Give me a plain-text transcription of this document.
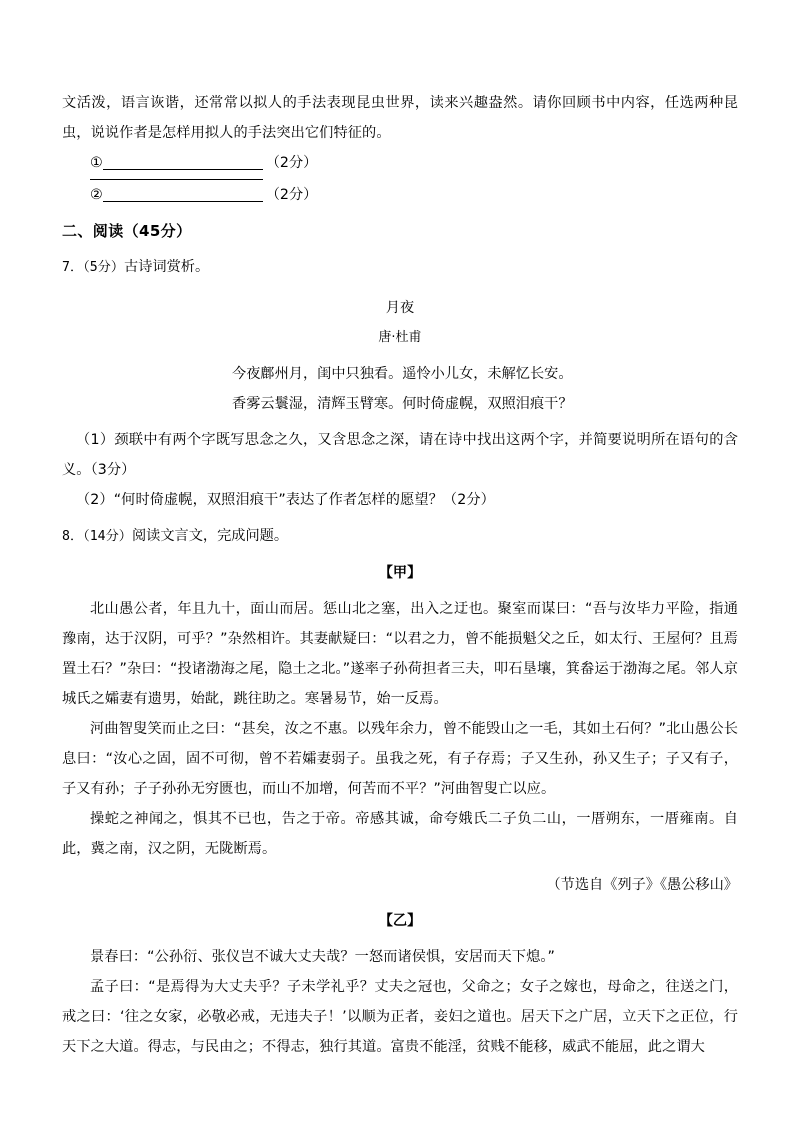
文活泼，语言诙谐，还常常以拟人的手法表现昆虫世界，读来兴趣盎然。请你回顾书中内容，任选两种昆虫，说说作者是怎样用拟人的手法突出它们特征的。

①	（2分）
②	（2分）

二、阅读（45分）

7．（5分）古诗词赏析。

月夜

唐·杜甫

今夜鄜州月，闺中只独看。遥怜小儿女，未解忆长安。

香雾云鬟湿，清辉玉臂寒。何时倚虚幌，双照泪痕干？

（1）颈联中有两个字既写思念之久，又含思念之深，请在诗中找出这两个字，并简要说明所在语句的含义。（3分）

（2）“何时倚虚幌，双照泪痕干”表达了作者怎样的愿望？（2分）

8．（14分）阅读文言文，完成问题。

【甲】

北山愚公者，年且九十，面山而居。惩山北之塞，出入之迂也。聚室而谋曰：“吾与汝毕力平险，指通豫南，达于汉阴，可乎？”杂然相许。其妻献疑曰：“以君之力，曾不能损魁父之丘，如太行、王屋何？且焉置土石？”杂曰：“投诸渤海之尾，隐土之北。”遂率子孙荷担者三夫，叩石垦壤，箕畚运于渤海之尾。邻人京城氏之孀妻有遗男，始龀，跳往助之。寒暑易节，始一反焉。

河曲智叟笑而止之曰：“甚矣，汝之不惠。以残年余力，曾不能毁山之一毛，其如土石何？”北山愚公长息曰：“汝心之固，固不可彻，曾不若孀妻弱子。虽我之死，有子存焉；子又生孙，孙又生子；子又有子，子又有孙；子子孙孙无穷匮也，而山不加增，何苦而不平？”河曲智叟亡以应。

操蛇之神闻之，惧其不已也，告之于帝。帝感其诚，命夸娥氏二子负二山，一厝朔东，一厝雍南。自此，冀之南，汉之阴，无陇断焉。

（节选自《列子》《愚公移山》

【乙】

景春曰：“公孙衍、张仪岂不诚大丈夫哉？一怒而诸侯惧，安居而天下熄。”

孟子曰：“是焉得为大丈夫乎？子未学礼乎？丈夫之冠也，父命之；女子之嫁也，母命之，往送之门，戒之曰：‘往之女家，必敬必戒，无违夫子！’以顺为正者，妾妇之道也。居天下之广居，立天下之正位，行天下之大道。得志，与民由之；不得志，独行其道。富贵不能淫，贫贱不能移，威武不能屈，此之谓大
